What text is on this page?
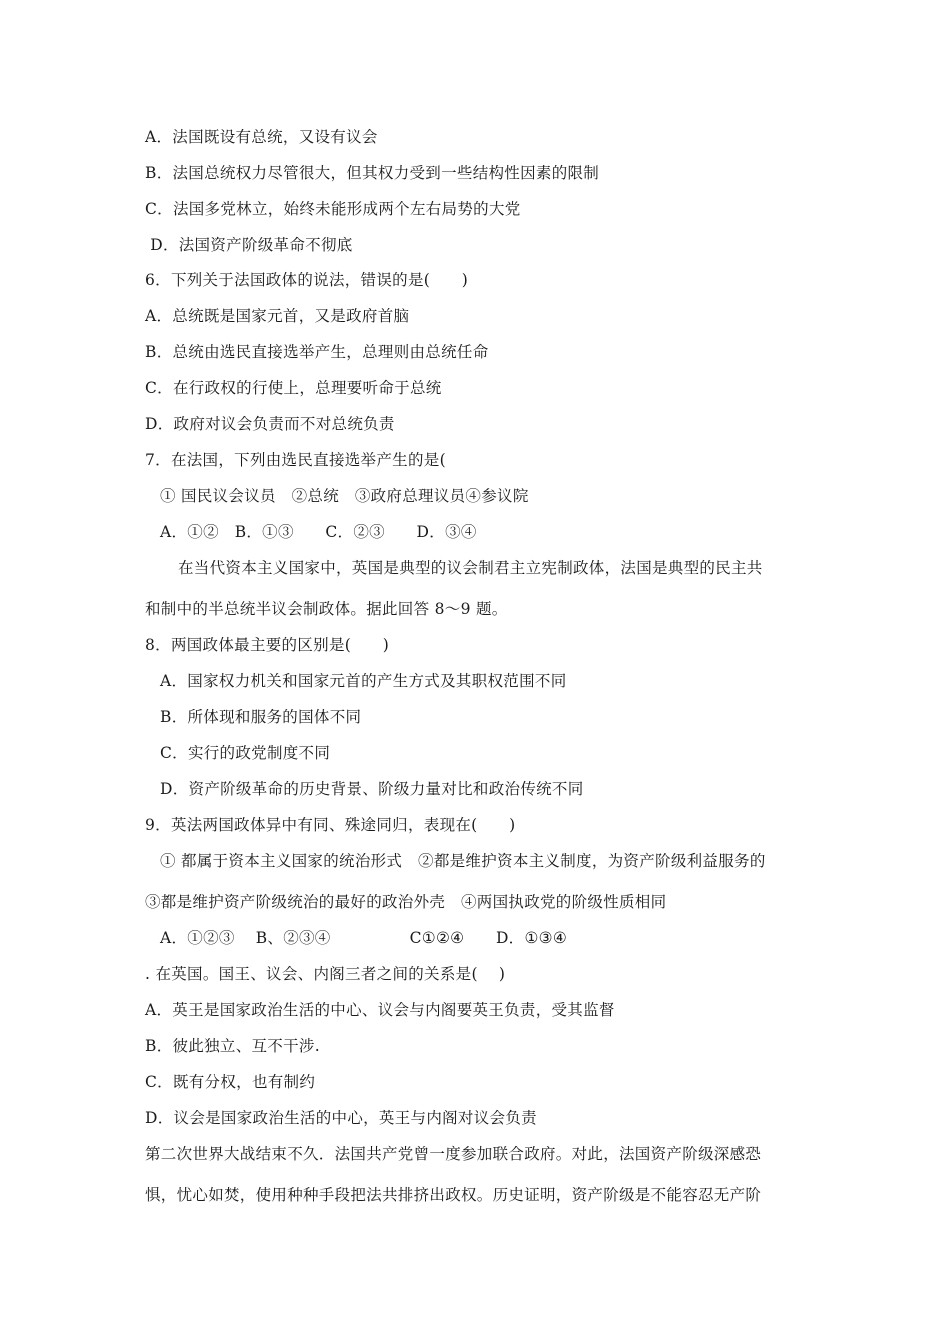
A．法国既设有总统，又设有议会
B．法国总统权力尽管很大，但其权力受到一些结构性因素的限制
C．法国多党林立，始终未能形成两个左右局势的大党
D．法国资产阶级革命不彻底
6．下列关于法国政体的说法，错误的是(　　)
A．总统既是国家元首，又是政府首脑
B．总统由选民直接选举产生，总理则由总统任命
C．在行政权的行使上，总理要听命于总统
D．政府对议会负责而不对总统负责
7．在法国，下列由选民直接选举产生的是(
① 国民议会议员　②总统　③政府总理议员④参议院
A．①②　B．①③　　C．②③　　D．③④
在当代资本主义国家中，英国是典型的议会制君主立宪制政体，法国是典型的民主共
和制中的半总统半议会制政体。据此回答 8～9 题。
8．两国政体最主要的区别是(　　)
A．国家权力机关和国家元首的产生方式及其职权范围不同
B．所体现和服务的国体不同
C．实行的政党制度不同
D．资产阶级革命的历史背景、阶级力量对比和政治传统不同
9．英法两国政体异中有同、殊途同归，表现在(　　)
① 都属于资本主义国家的统治形式　②都是维护资本主义制度，为资产阶级利益服务的
③都是维护资产阶级统治的最好的政治外壳　④两国执政党的阶级性质相同
A．①②③　 B、②③④　　　　　C①②④　　D．①③④
. 在英国。国王、议会、内阁三者之间的关系是(　 )
A．英王是国家政治生活的中心、议会与内阁要英王负责，受其监督
B．彼此独立、互不干涉.
C．既有分权，也有制约
D．议会是国家政治生活的中心，英王与内阁对议会负责
第二次世界大战结束不久．法国共产党曾一度参加联合政府。对此，法国资产阶级深感恐
惧，忧心如焚，使用种种手段把法共排挤出政权。历史证明，资产阶级是不能容忍无产阶
